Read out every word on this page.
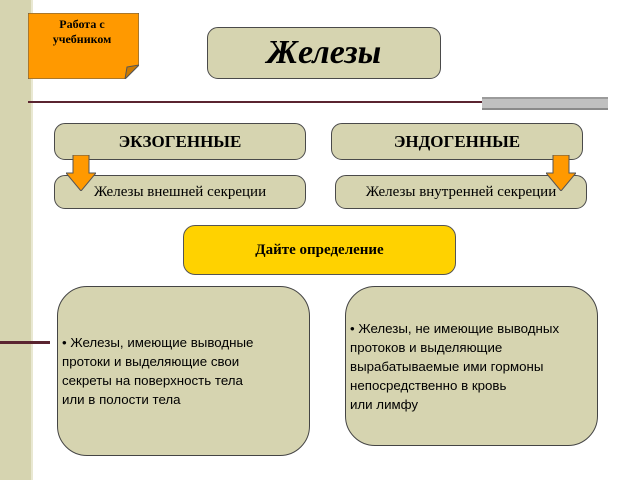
Работа с учебником	Железы
ЭКЗОГЕННЫЕ	ЭНДОГЕННЫЕ
Железы внешней секреции	Железы внутренней секреции
Дайте определение
• Железы, имеющие выводные
протоки и выделяющие свои
секреты на поверхность тела
или в полости тела
• Железы, не имеющие выводных
протоков и выделяющие
вырабатываемые ими гормоны
непосредственно в кровь
или лимфу
